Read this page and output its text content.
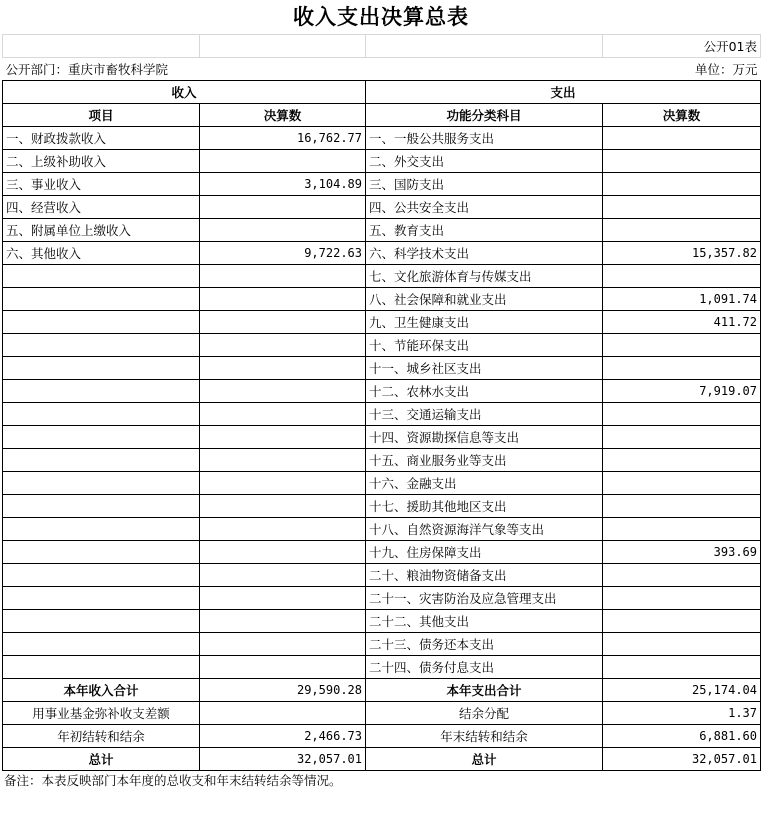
收入支出决算总表
			公开01表
公开部门：重庆市畜牧科学院			单位：万元
收入		支出	
项目	决算数	功能分类科目	决算数
一、财政拨款收入	16,762.77	一、一般公共服务支出	
二、上级补助收入		二、外交支出	
三、事业收入	3,104.89	三、国防支出	
四、经营收入		四、公共安全支出	
五、附属单位上缴收入		五、教育支出	
六、其他收入	9,722.63	六、科学技术支出	15,357.82
		七、文化旅游体育与传媒支出	
		八、社会保障和就业支出	1,091.74
		九、卫生健康支出	411.72
		十、节能环保支出	
		十一、城乡社区支出	
		十二、农林水支出	7,919.07
		十三、交通运输支出	
		十四、资源勘探信息等支出	
		十五、商业服务业等支出	
		十六、金融支出	
		十七、援助其他地区支出	
		十八、自然资源海洋气象等支出	
		十九、住房保障支出	393.69
		二十、粮油物资储备支出	
		二十一、灾害防治及应急管理支出	
		二十二、其他支出	
		二十三、债务还本支出	
		二十四、债务付息支出	
本年收入合计	29,590.28	本年支出合计	25,174.04
用事业基金弥补收支差额		结余分配	1.37
年初结转和结余	2,466.73	年末结转和结余	6,881.60
总计	32,057.01	总计	32,057.01
备注：本表反映部门本年度的总收支和年末结转结余等情况。
